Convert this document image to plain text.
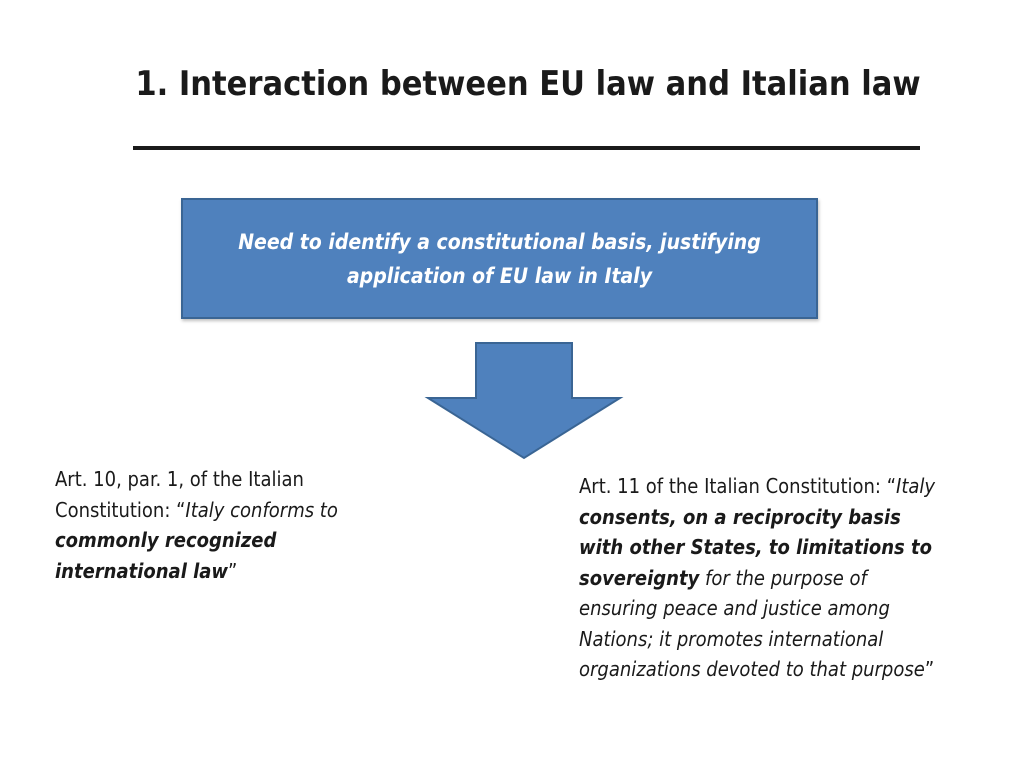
1. Interaction between EU law and Italian law
Need to identify a constitutional basis, justifying application of EU law in Italy
Art. 10, par. 1, of the Italian Constitution: “Italy conforms to commonly recognized international law”
Art. 11 of the Italian Constitution: “Italy consents, on a reciprocity basis with other States, to limitations to sovereignty for the purpose of ensuring peace and justice among Nations; it promotes international organizations devoted to that purpose”
